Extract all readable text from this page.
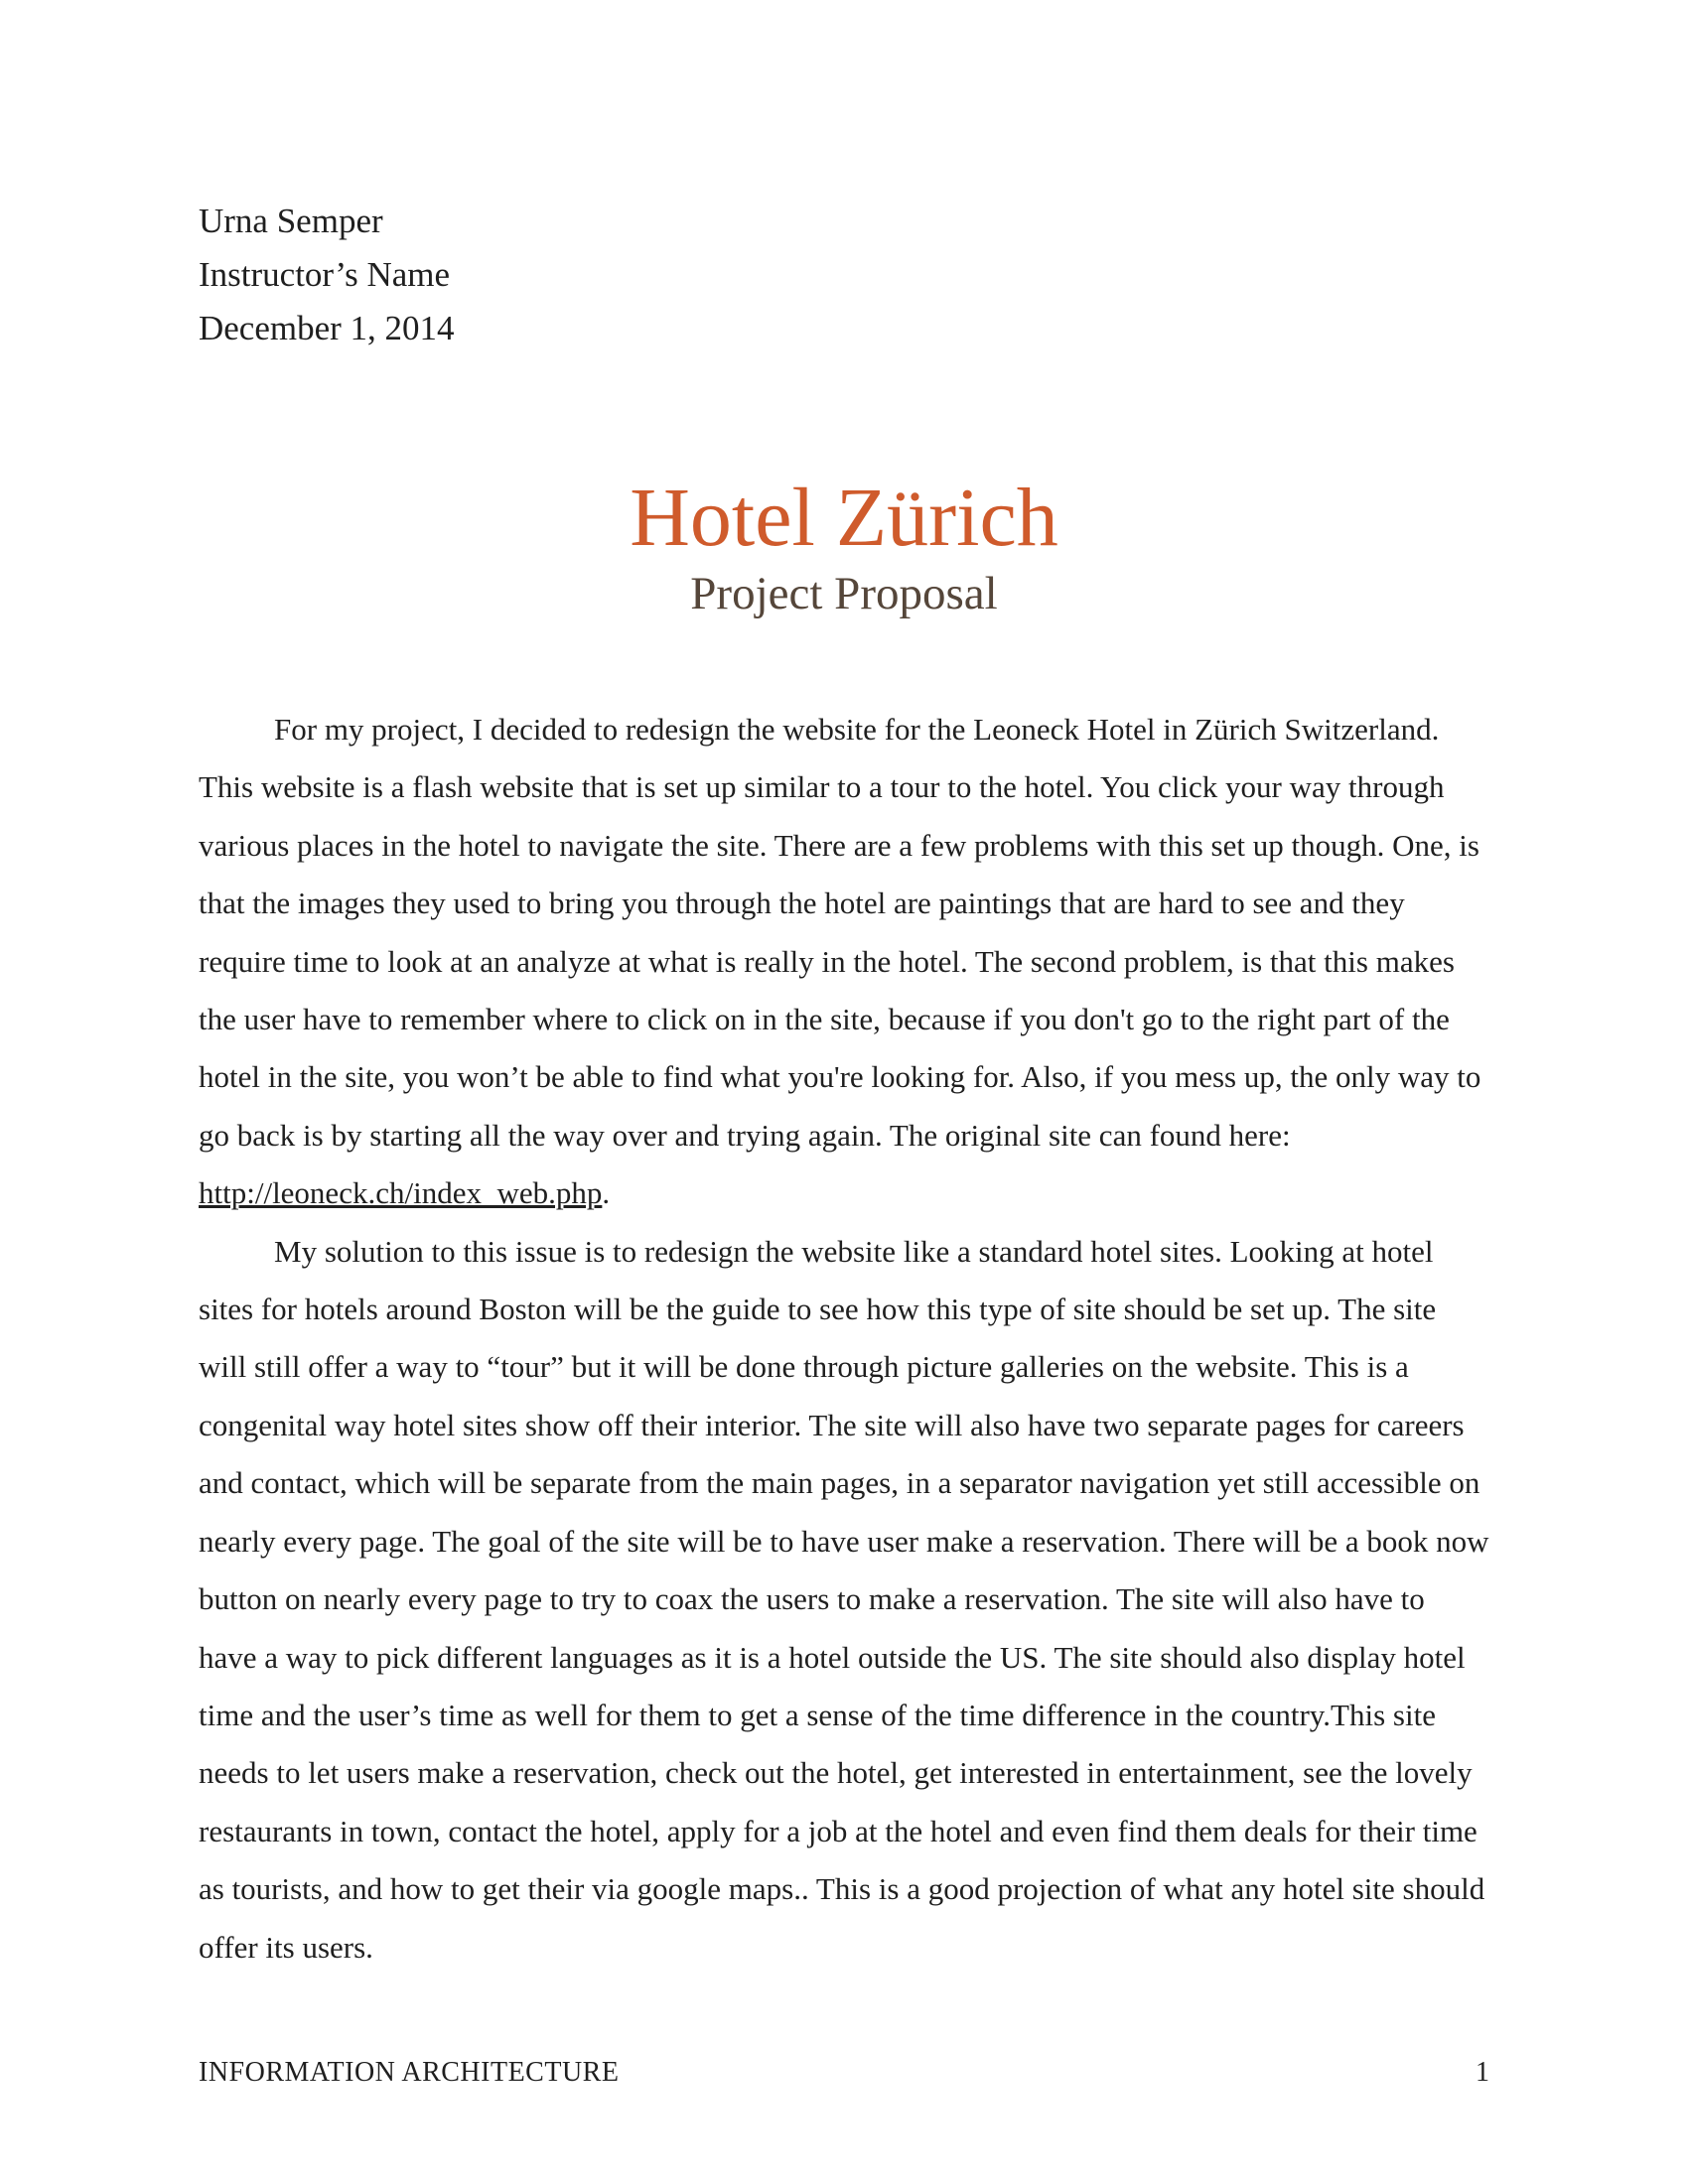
Urna Semper
Instructor’s Name
December 1, 2014
Hotel Zürich
Project Proposal

For my project, I decided to redesign the website for the Leoneck Hotel in Zürich Switzerland. This website is a flash website that is set up similar to a tour to the hotel. You click your way through various places in the hotel to navigate the site. There are a few problems with this set up though. One, is that the images they used to bring you through the hotel are paintings that are hard to see and they require time to look at an analyze at what is really in the hotel. The second problem, is that this makes the user have to remember where to click on in the site, because if you don't go to the right part of the hotel in the site, you won’t be able to find what you're looking for. Also, if you mess up, the only way to go back is by starting all the way over and trying again. The original site can found here: http://leoneck.ch/index_web.php.

My solution to this issue is to redesign the website like a standard hotel sites. Looking at hotel sites for hotels around Boston will be the guide to see how this type of site should be set up. The site will still offer a way to “tour” but it will be done through picture galleries on the website. This is a congenital way hotel sites show off their interior. The site will also have two separate pages for careers and contact, which will be separate from the main pages, in a separator navigation yet still accessible on nearly every page. The goal of the site will be to have user make a reservation. There will be a book now button on nearly every page to try to coax the users to make a reservation. The site will also have to have a way to pick different languages as it is a hotel outside the US. The site should also display hotel time and the user’s time as well for them to get a sense of the time difference in the country.This site needs to let users make a reservation, check out the hotel, get interested in entertainment, see the lovely restaurants in town, contact the hotel, apply for a job at the hotel and even find them deals for their time as tourists, and how to get their via google maps.. This is a good projection of what any hotel site should offer its users.

INFORMATION ARCHITECTURE	1
